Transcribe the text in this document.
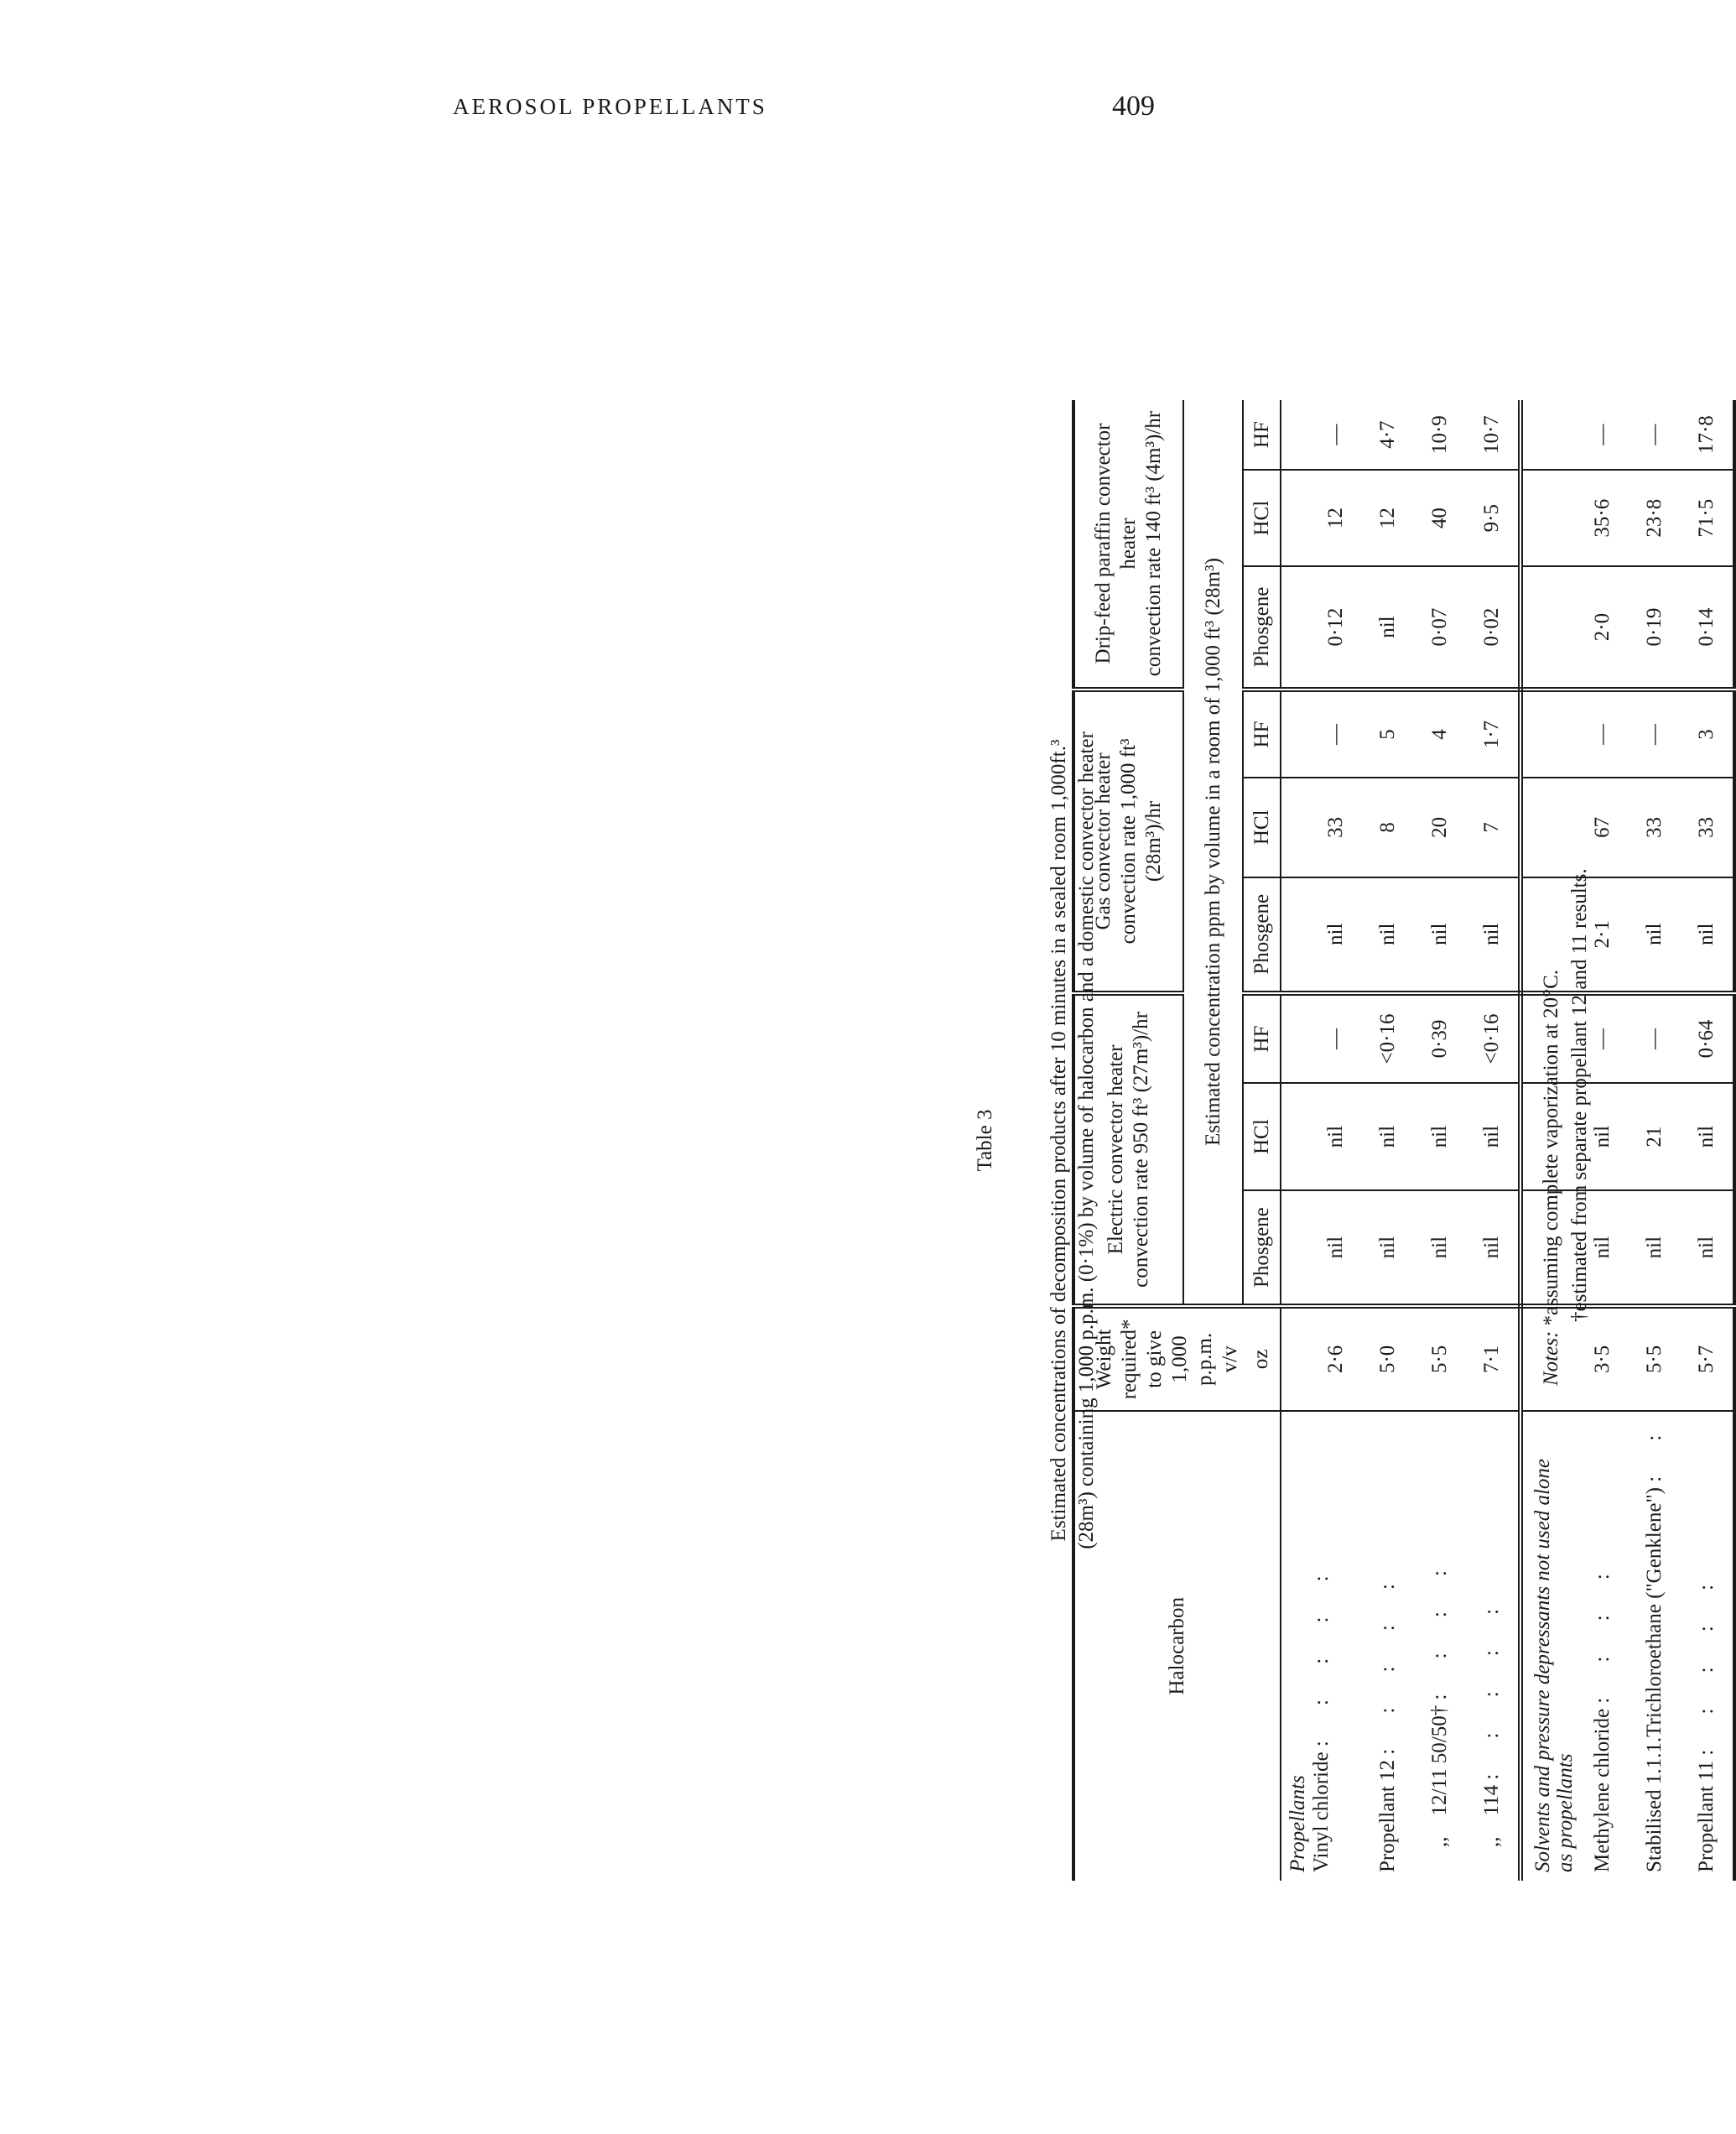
AEROSOL PROPELLANTS	409
Table 3 Estimated concentrations of decomposition products after 10 minutes in a sealed room 1,000ft.³ (28m³) containing 1,000 p.p.m. (0·1%) by volume of halocarbon and a domestic convector heater
Halocarbon	Weight required* to give 1,000 p.p.m. v/v	Electric convector heater convection rate 950 ft³ (27m³)/hr			Gas convector heater convection rate 1,000 ft³ (28m³)/hr			Drip-feed paraffin convector heater convection rate 140 ft³ (4m³)/hr		
		Estimated concentration ppm by volume in a room of 1,000 ft³ (28m³)								
	oz	Phosgene	HCl	HF	Phosgene	HCl	HF	Phosgene	HCl	HF
Propellants										
Vinyl chloride : : : : :	2·6	nil	nil	—	nil	33	—	0·12	12	—
Propellant 12 : : : : :	5·0	nil	nil	<0·16	nil	8	5	nil	12	4·7
,,    12/11 50/50† : : : :	5·5	nil	nil	0·39	nil	20	4	0·07	40	10·9
,,    114 : : : : :	7·1	nil	nil	<0·16	nil	7	1·7	0·02	9·5	10·7
Solvents and pressure depressants not used alone
as propellants										
Methylene chloride : : : :	3·5	nil	nil	—	2·1	67	—	2·0	35·6	—
Stabilised 1.1.1.Trichloroethane ("Genklene") : :	5·5	nil	21	—	nil	33	—	0·19	23·8	—
Propellant 11 : : : : :	5·7	nil	nil	0·64	nil	33	3	0·14	71·5	17·8
Notes: *assuming complete vaporization at 20°C. †estimated from separate propellant 12 and 11 results.
